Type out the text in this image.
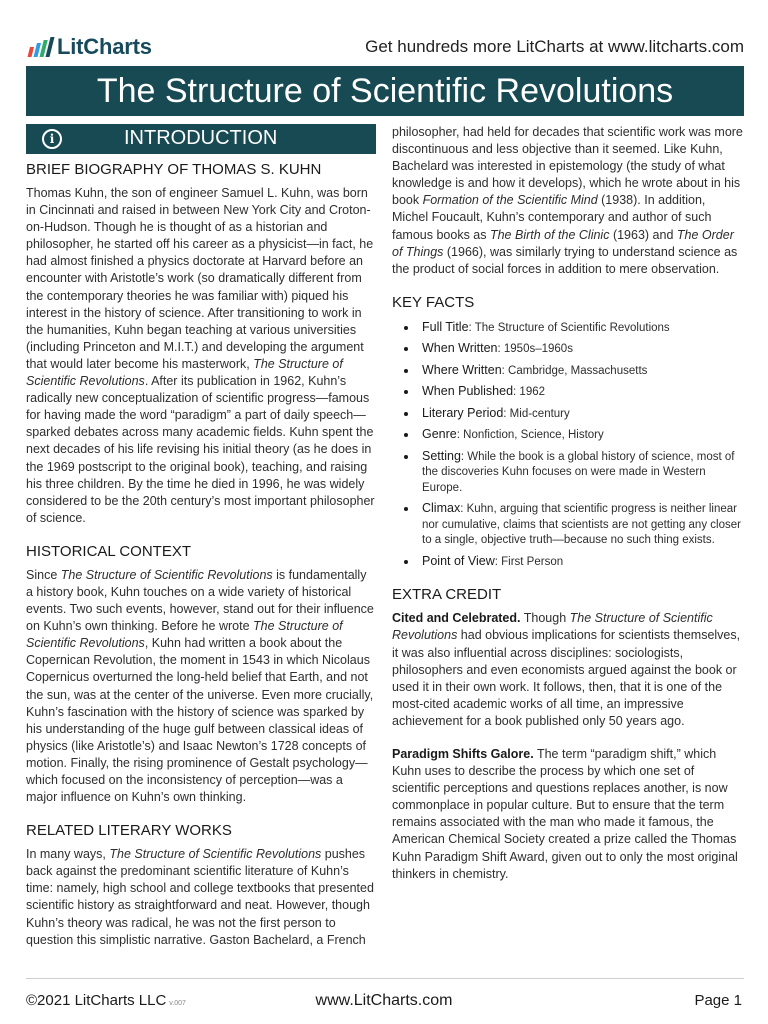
LitCharts	Get hundreds more LitCharts at www.litcharts.com
The Structure of Scientific Revolutions
i	INTRODUCTION
BRIEF BIOGRAPHY OF THOMAS S. KUHN

Thomas Kuhn, the son of engineer Samuel L. Kuhn, was born in Cincinnati and raised in between New York City and Croton-on-Hudson. Though he is thought of as a historian and philosopher, he started off his career as a physicist—in fact, he had almost finished a physics doctorate at Harvard before an encounter with Aristotle’s work (so dramatically different from the contemporary theories he was familiar with) piqued his interest in the history of science. After transitioning to work in the humanities, Kuhn began teaching at various universities (including Princeton and M.I.T.) and developing the argument that would later become his masterwork, The Structure of Scientific Revolutions. After its publication in 1962, Kuhn’s radically new conceptualization of scientific progress—famous for having made the word “paradigm” a part of daily speech—sparked debates across many academic fields. Kuhn spent the next decades of his life revising his initial theory (as he does in the 1969 postscript to the original book), teaching, and raising his three children. By the time he died in 1996, he was widely considered to be the 20th century’s most important philosopher of science.

HISTORICAL CONTEXT

Since The Structure of Scientific Revolutions is fundamentally a history book, Kuhn touches on a wide variety of historical events. Two such events, however, stand out for their influence on Kuhn’s own thinking. Before he wrote The Structure of Scientific Revolutions, Kuhn had written a book about the Copernican Revolution, the moment in 1543 in which Nicolaus Copernicus overturned the long-held belief that Earth, and not the sun, was at the center of the universe. Even more crucially, Kuhn’s fascination with the history of science was sparked by his understanding of the huge gulf between classical ideas of physics (like Aristotle’s) and Isaac Newton’s 1728 concepts of motion. Finally, the rising prominence of Gestalt psychology—which focused on the inconsistency of perception—was a major influence on Kuhn’s own thinking.

RELATED LITERARY WORKS

In many ways, The Structure of Scientific Revolutions pushes back against the predominant scientific literature of Kuhn’s time: namely, high school and college textbooks that presented scientific history as straightforward and neat. However, though Kuhn’s theory was radical, he was not the first person to question this simplistic narrative. Gaston Bachelard, a French

philosopher, had held for decades that scientific work was more discontinuous and less objective than it seemed. Like Kuhn, Bachelard was interested in epistemology (the study of what knowledge is and how it develops), which he wrote about in his book Formation of the Scientific Mind (1938). In addition, Michel Foucault, Kuhn’s contemporary and author of such famous books as The Birth of the Clinic (1963) and The Order of Things (1966), was similarly trying to understand science as the product of social forces in addition to mere observation.

KEY FACTS
Full Title: The Structure of Scientific Revolutions
When Written: 1950s–1960s
Where Written: Cambridge, Massachusetts
When Published: 1962
Literary Period: Mid-century
Genre: Nonfiction, Science, History
Setting: While the book is a global history of science, most of the discoveries Kuhn focuses on were made in Western Europe.
Climax: Kuhn, arguing that scientific progress is neither linear nor cumulative, claims that scientists are not getting any closer to a single, objective truth—because no such thing exists.
Point of View: First Person
EXTRA CREDIT

Cited and Celebrated. Though The Structure of Scientific Revolutions had obvious implications for scientists themselves, it was also influential across disciplines: sociologists, philosophers and even economists argued against the book or used it in their own work. It follows, then, that it is one of the most-cited academic works of all time, an impressive achievement for a book published only 50 years ago.

Paradigm Shifts Galore. The term “paradigm shift,” which Kuhn uses to describe the process by which one set of scientific perceptions and questions replaces another, is now commonplace in popular culture. But to ensure that the term remains associated with the man who made it famous, the American Chemical Society created a prize called the Thomas Kuhn Paradigm Shift Award, given out to only the most original thinkers in chemistry.

©2021 LitCharts LLC v.007	www.LitCharts.com	Page 1
